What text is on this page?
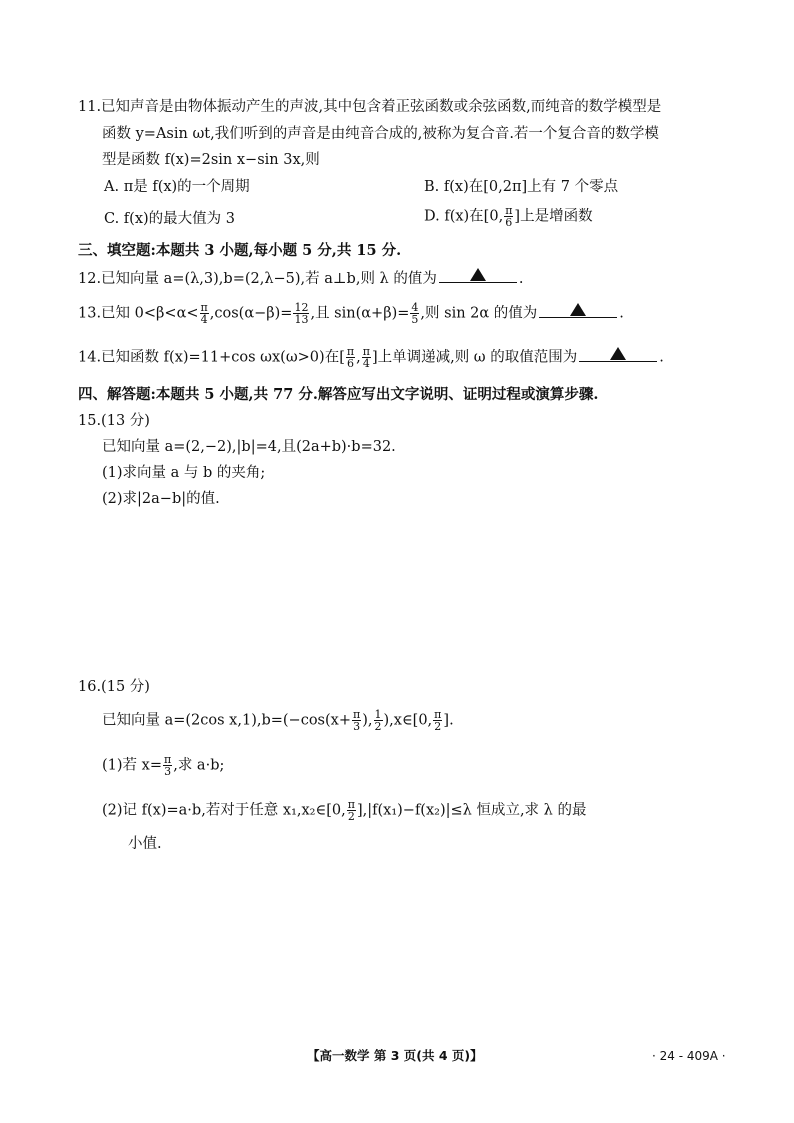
11.已知声音是由物体振动产生的声波,其中包含着正弦函数或余弦函数,而纯音的数学模型是
函数 y=Asin ωt,我们听到的声音是由纯音合成的,被称为复合音.若一个复合音的数学模
型是函数 f(x)=2sin x−sin 3x,则
A. π是 f(x)的一个周期	B. f(x)在[0,2π]上有 7 个零点
C. f(x)的最大值为 3	D. f(x)在[0, $\frac{\pi}{6}$ ]上是增函数
三、填空题:本题共 3 小题,每小题 5 分,共 15 分.
12.已知向量 a=(λ,3),b=(2,λ−5),若 a⊥b,则 λ 的值为	.
13.已知 $0<\beta<\alpha< \frac{\pi}{4} ,\cos(\alpha-\beta)= \frac{12}{13}$ ,且 $\sin(\alpha+\beta)= \frac{4}{5}$ ,则 sin 2α 的值为	.
14.已知函数 f(x)=11+cos ωx(ω>0)在[ $\frac{\pi}{6}$ , $\frac{\pi}{4}$ ]上单调递减,则 ω 的取值范围为	.
四、解答题:本题共 5 小题,共 77 分.解答应写出文字说明、证明过程或演算步骤.
15.(13 分)
已知向量 a=(2,−2),|b|=4,且(2a+b)·b=32.
(1)求向量 a 与 b 的夹角;
(2)求|2a−b|的值.
16.(15 分)
已知向量 a=(2cos $x,1),b=(-\cos(x+ \frac{\pi}{3}$ ), $\frac{1}{2}$ ),x∈[0, $\frac{\pi}{2}$ ].
(1)若 $x= \frac{\pi}{3}$ ,求 a·b;
(2)记 f(x)=a·b,若对于任意 x₁,x₂∈[0, $\frac{\pi}{2} ],|f(x_1)-f(x_2)|\le\lambda$ 恒成立,求 λ 的最
小值.
【高一数学 第 3 页(共 4 页)】	· 24 - 409A ·
